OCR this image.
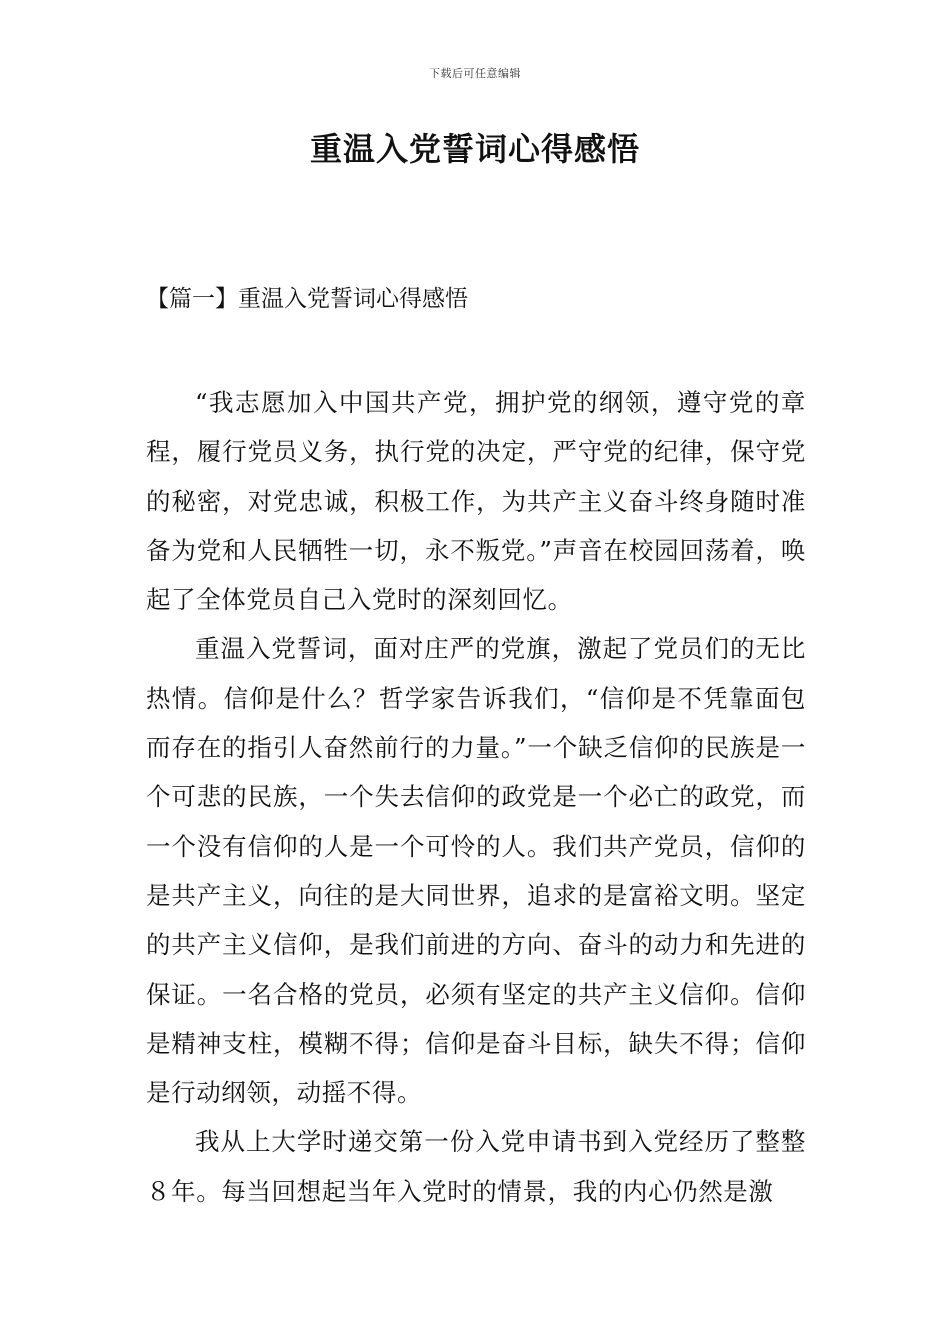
下载后可任意编辑
重温入党誓词心得感悟
【篇一】重温入党誓词心得感悟

“我志愿加入中国共产党，拥护党的纲领，遵守党的章程，履行党员义务，执行党的决定，严守党的纪律，保守党的秘密，对党忠诚，积极工作，为共产主义奋斗终身随时准备为党和人民牺牲一切，永不叛党。”声音在校园回荡着，唤起了全体党员自己入党时的深刻回忆。

重温入党誓词，面对庄严的党旗，激起了党员们的无比热情。信仰是什么？哲学家告诉我们，“信仰是不凭靠面包而存在的指引人奋然前行的力量。”一个缺乏信仰的民族是一个可悲的民族，一个失去信仰的政党是一个必亡的政党，而一个没有信仰的人是一个可怜的人。我们共产党员，信仰的是共产主义，向往的是大同世界，追求的是富裕文明。坚定的共产主义信仰，是我们前进的方向、奋斗的动力和先进的保证。一名合格的党员，必须有坚定的共产主义信仰。信仰是精神支柱，模糊不得；信仰是奋斗目标，缺失不得；信仰是行动纲领，动摇不得。

我从上大学时递交第一份入党申请书到入党经历了整整８年。每当回想起当年入党时的情景，我的内心仍然是激
